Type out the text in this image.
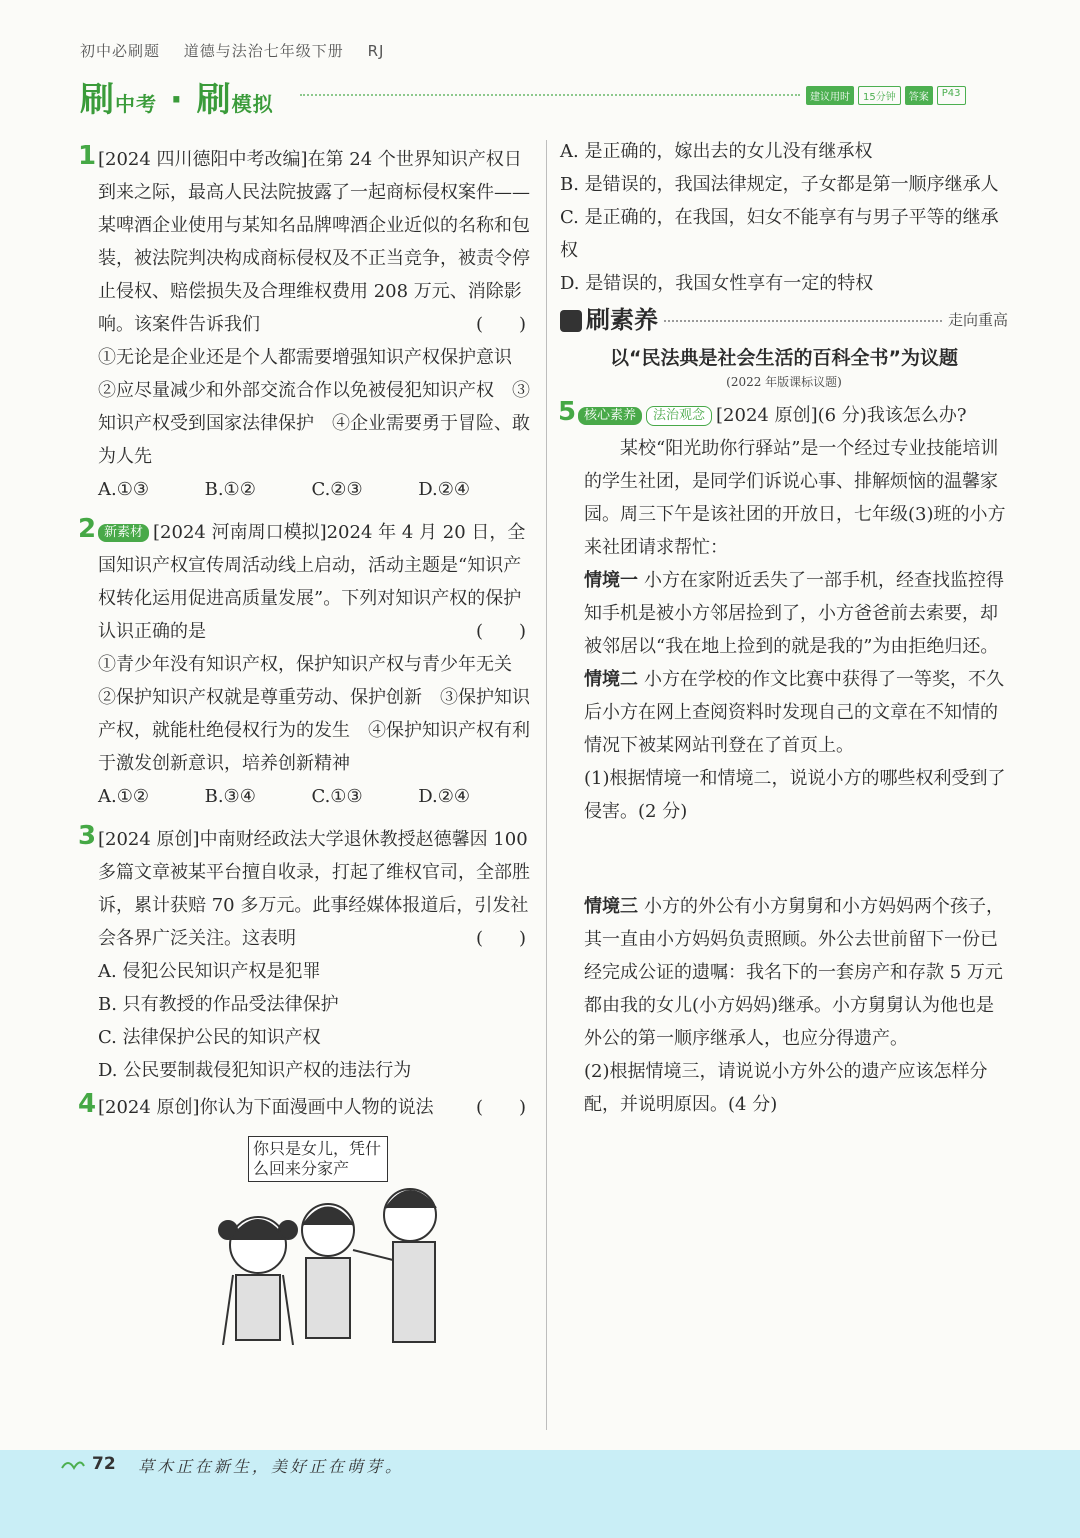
初中必刷题 道德与法治七年级下册 RJ
刷中考 · 刷模拟	建议用时	15分钟	答案	P43
1 [2024 四川德阳中考改编]在第 24 个世界知识产权日到来之际，最高人民法院披露了一起商标侵权案件——某啤酒企业使用与某知名品牌啤酒企业近似的名称和包装，被法院判决构成商标侵权及不正当竞争，被责令停止侵权、赔偿损失及合理维权费用 208 万元、消除影响。该案件告诉我们	(　　)
①无论是企业还是个人都需要增强知识产权保护意识　②应尽量减少和外部交流合作以免被侵犯知识产权　③知识产权受到国家法律保护　④企业需要勇于冒险、敢为人先
A.①③	B.①②	C.②③	D.②④
2 新素材 [2024 河南周口模拟]2024 年 4 月 20 日，全国知识产权宣传周活动线上启动，活动主题是“知识产权转化运用促进高质量发展”。下列对知识产权的保护认识正确的是	(　　)
①青少年没有知识产权，保护知识产权与青少年无关　②保护知识产权就是尊重劳动、保护创新　③保护知识产权，就能杜绝侵权行为的发生　④保护知识产权有利于激发创新意识，培养创新精神
A.①②	B.③④	C.①③	D.②④
3 [2024 原创]中南财经政法大学退休教授赵德馨因 100 多篇文章被某平台擅自收录，打起了维权官司，全部胜诉，累计获赔 70 多万元。此事经媒体报道后，引发社会各界广泛关注。这表明	(　　)
A. 侵犯公民知识产权是犯罪
B. 只有教授的作品受法律保护
C. 法律保护公民的知识产权
D. 公民要制裁侵犯知识产权的违法行为
4 [2024 原创]你认为下面漫画中人物的说法 (　　)
你只是女儿，凭什么回来分家产
A. 是正确的，嫁出去的女儿没有继承权
B. 是错误的，我国法律规定，子女都是第一顺序继承人
C. 是正确的，在我国，妇女不能享有与男子平等的继承权
D. 是错误的，我国女性享有一定的特权
刷素养	走向重高
以“民法典是社会生活的百科全书”为议题
(2022 年版课标议题)
5 核心素养 法治观念 [2024 原创](6 分)我该怎么办?
某校“阳光助你行驿站”是一个经过专业技能培训的学生社团，是同学们诉说心事、排解烦恼的温馨家园。周三下午是该社团的开放日，七年级(3)班的小方来社团请求帮忙：
情境一 小方在家附近丢失了一部手机，经查找监控得知手机是被小方邻居捡到了，小方爸爸前去索要，却被邻居以“我在地上捡到的就是我的”为由拒绝归还。
情境二 小方在学校的作文比赛中获得了一等奖，不久后小方在网上查阅资料时发现自己的文章在不知情的情况下被某网站刊登在了首页上。
(1)根据情境一和情境二，说说小方的哪些权利受到了侵害。(2 分)
情境三 小方的外公有小方舅舅和小方妈妈两个孩子，其一直由小方妈妈负责照顾。外公去世前留下一份已经完成公证的遗嘱：我名下的一套房产和存款 5 万元都由我的女儿(小方妈妈)继承。小方舅舅认为他也是外公的第一顺序继承人，也应分得遗产。
(2)根据情境三，请说说小方外公的遗产应该怎样分配，并说明原因。(4 分)
72 草木正在新生，美好正在萌芽。
